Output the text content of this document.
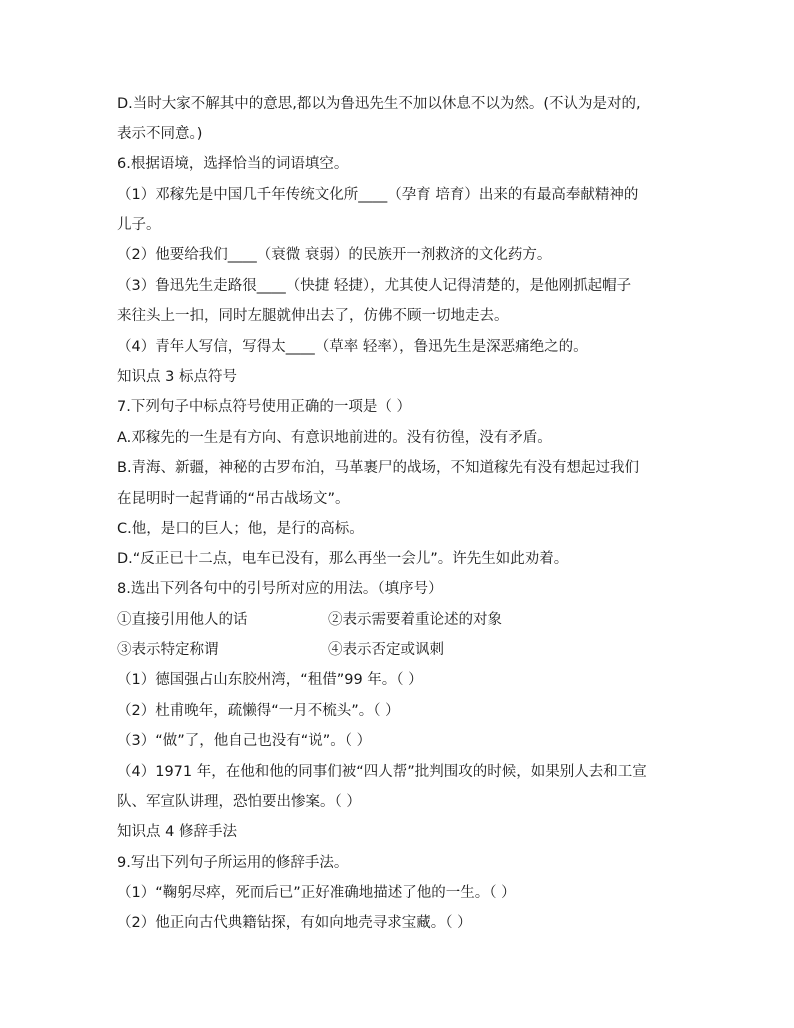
D.当时大家不解其中的意思,都以为鲁迅先生不加以休息不以为然。(不认为是对的,
表示不同意。)
6.根据语境，选择恰当的词语填空。
（1）邓稼先是中国几千年传统文化所____（孕育 培育）出来的有最高奉献精神的
儿子。
（2）他要给我们____（衰微 衰弱）的民族开一剂救济的文化药方。
（3）鲁迅先生走路很____（快捷 轻捷），尤其使人记得清楚的，是他刚抓起帽子
来往头上一扣，同时左腿就伸出去了，仿佛不顾一切地走去。
（4）青年人写信，写得太____（草率 轻率），鲁迅先生是深恶痛绝之的。
知识点 3 标点符号
7.下列句子中标点符号使用正确的一项是（ ）
A.邓稼先的一生是有方向、有意识地前进的。没有彷徨，没有矛盾。
B.青海、新疆，神秘的古罗布泊，马革裹尸的战场，不知道稼先有没有想起过我们
在昆明时一起背诵的“吊古战场文”。
C.他，是口的巨人；他，是行的高标。
D.“反正已十二点，电车已没有，那么再坐一会儿”。许先生如此劝着。
8.选出下列各句中的引号所对应的用法。（填序号）
①直接引用他人的话	②表示需要着重论述的对象
③表示特定称谓	④表示否定或讽刺
（1）德国强占山东胶州湾，“租借”99 年。（ ）
（2）杜甫晚年，疏懒得“一月不梳头”。（ ）
（3）“做”了，他自己也没有“说”。（ ）
（4）1971 年，在他和他的同事们被“四人帮”批判围攻的时候，如果别人去和工宣
队、军宣队讲理，恐怕要出惨案。（ ）
知识点 4 修辞手法
9.写出下列句子所运用的修辞手法。
（1）“鞠躬尽瘁，死而后已”正好准确地描述了他的一生。（ ）
（2）他正向古代典籍钻探，有如向地壳寻求宝藏。（ ）
